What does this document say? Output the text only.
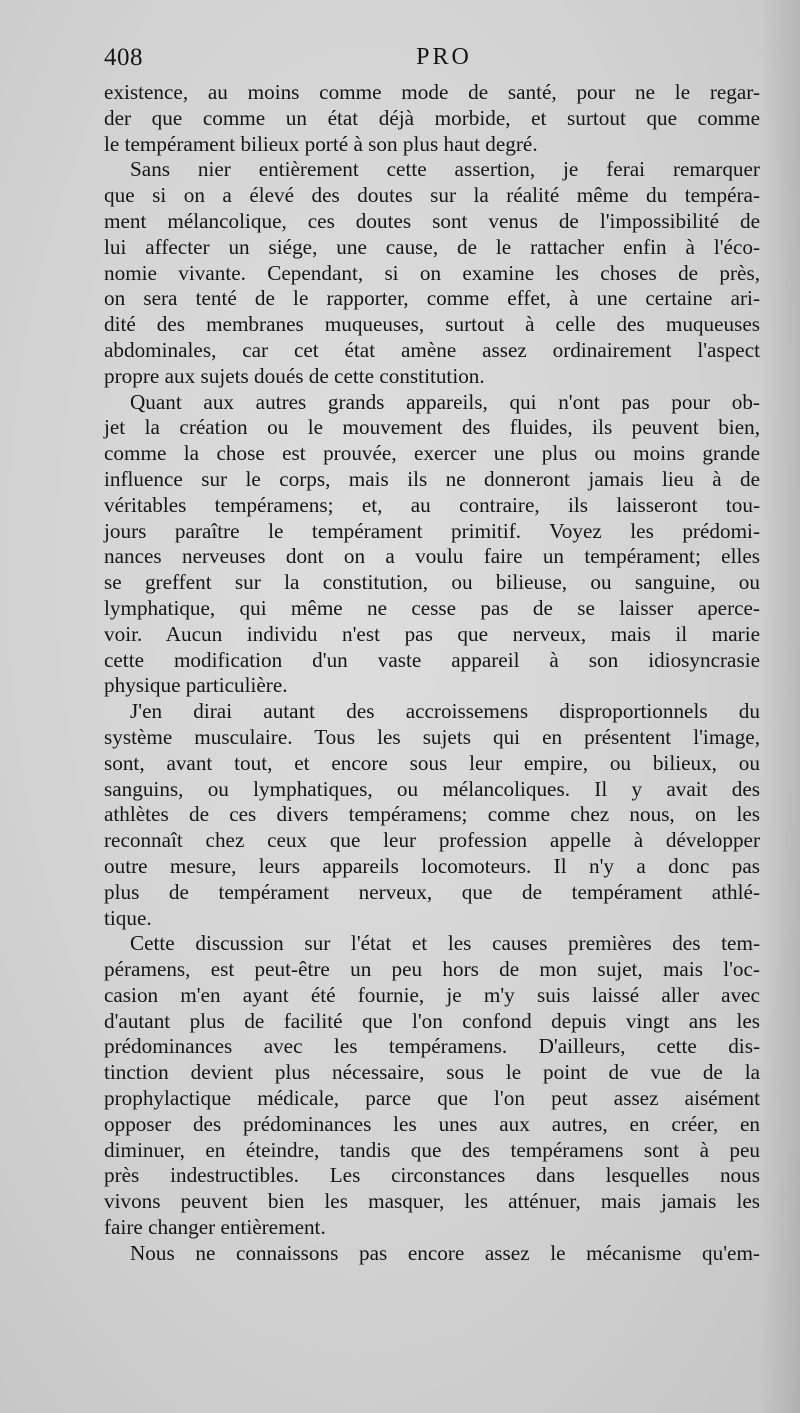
408	PRO
existence, au moins comme mode de santé, pour ne le regar-
der que comme un état déjà morbide, et surtout que comme
le tempérament bilieux porté à son plus haut degré.
Sans nier entièrement cette assertion, je ferai remarquer
que si on a élevé des doutes sur la réalité même du tempéra-
ment mélancolique, ces doutes sont venus de l'impossibilité de
lui affecter un siége, une cause, de le rattacher enfin à l'éco-
nomie vivante. Cependant, si on examine les choses de près,
on sera tenté de le rapporter, comme effet, à une certaine ari-
dité des membranes muqueuses, surtout à celle des muqueuses
abdominales, car cet état amène assez ordinairement l'aspect
propre aux sujets doués de cette constitution.
Quant aux autres grands appareils, qui n'ont pas pour ob-
jet la création ou le mouvement des fluides, ils peuvent bien,
comme la chose est prouvée, exercer une plus ou moins grande
influence sur le corps, mais ils ne donneront jamais lieu à de
véritables tempéramens; et, au contraire, ils laisseront tou-
jours paraître le tempérament primitif. Voyez les prédomi-
nances nerveuses dont on a voulu faire un tempérament; elles
se greffent sur la constitution, ou bilieuse, ou sanguine, ou
lymphatique, qui même ne cesse pas de se laisser aperce-
voir. Aucun individu n'est pas que nerveux, mais il marie
cette modification d'un vaste appareil à son idiosyncrasie
physique particulière.
J'en dirai autant des accroissemens disproportionnels du
système musculaire. Tous les sujets qui en présentent l'image,
sont, avant tout, et encore sous leur empire, ou bilieux, ou
sanguins, ou lymphatiques, ou mélancoliques. Il y avait des
athlètes de ces divers tempéramens; comme chez nous, on les
reconnaît chez ceux que leur profession appelle à développer
outre mesure, leurs appareils locomoteurs. Il n'y a donc pas
plus de tempérament nerveux, que de tempérament athlé-
tique.
Cette discussion sur l'état et les causes premières des tem-
péramens, est peut-être un peu hors de mon sujet, mais l'oc-
casion m'en ayant été fournie, je m'y suis laissé aller avec
d'autant plus de facilité que l'on confond depuis vingt ans les
prédominances avec les tempéramens. D'ailleurs, cette dis-
tinction devient plus nécessaire, sous le point de vue de la
prophylactique médicale, parce que l'on peut assez aisément
opposer des prédominances les unes aux autres, en créer, en
diminuer, en éteindre, tandis que des tempéramens sont à peu
près indestructibles. Les circonstances dans lesquelles nous
vivons peuvent bien les masquer, les atténuer, mais jamais les
faire changer entièrement.
Nous ne connaissons pas encore assez le mécanisme qu'em-
